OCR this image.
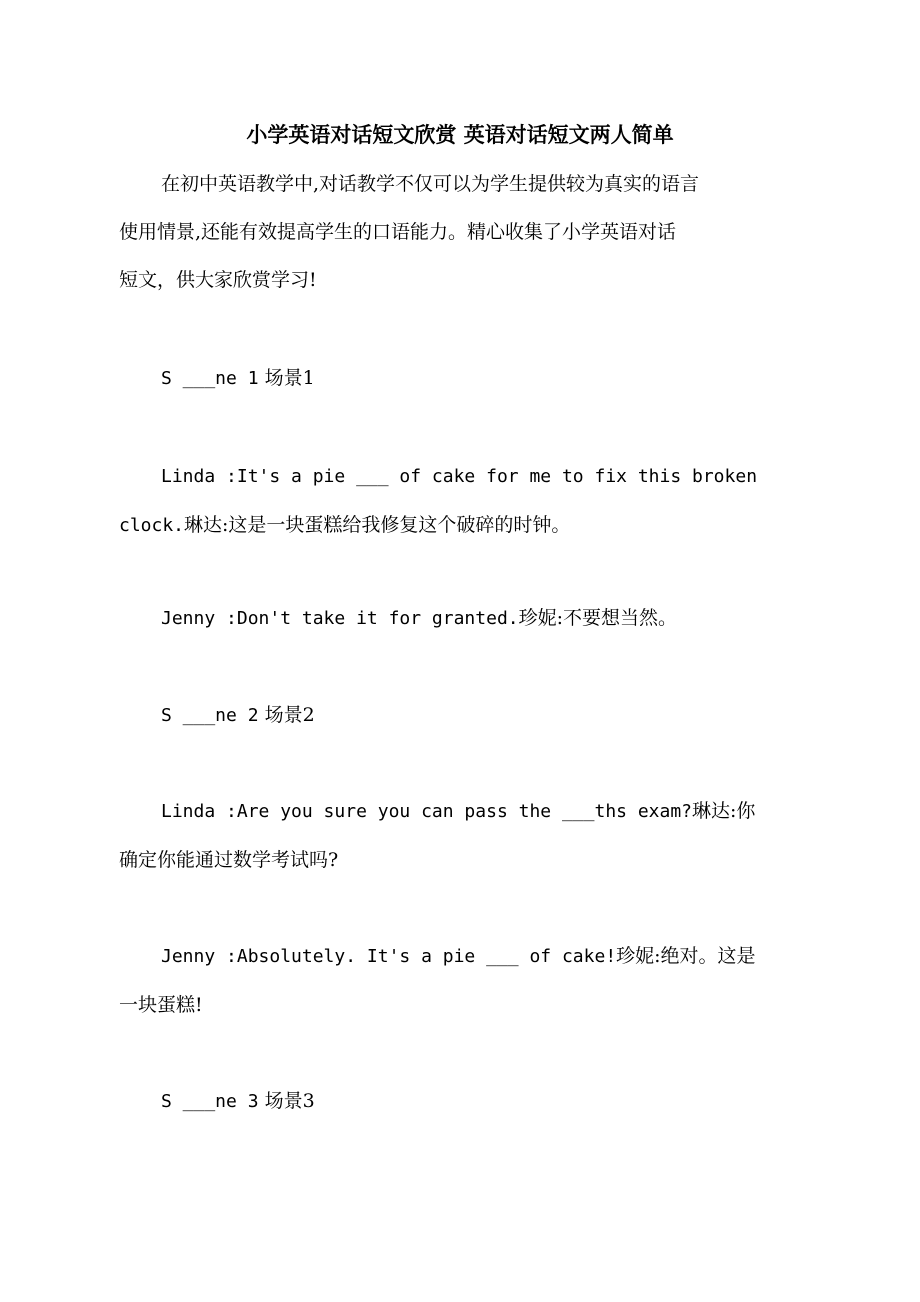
小学英语对话短文欣赏 英语对话短文两人简单
在初中英语教学中,对话教学不仅可以为学生提供较为真实的语言
使用情景,还能有效提高学生的口语能力。精心收集了小学英语对话
短文，供大家欣赏学习!
S ___ne 1 场景1
Linda :It's a pie ___ of cake for me to fix this broken
clock.琳达:这是一块蛋糕给我修复这个破碎的时钟。
Jenny :Don't take it for granted.珍妮:不要想当然。
S ___ne 2 场景2
Linda :Are you sure you can pass the ___ths exam?琳达:你
确定你能通过数学考试吗?
Jenny :Absolutely. It's a pie ___ of cake!珍妮:绝对。这是
一块蛋糕!
S ___ne 3 场景3
